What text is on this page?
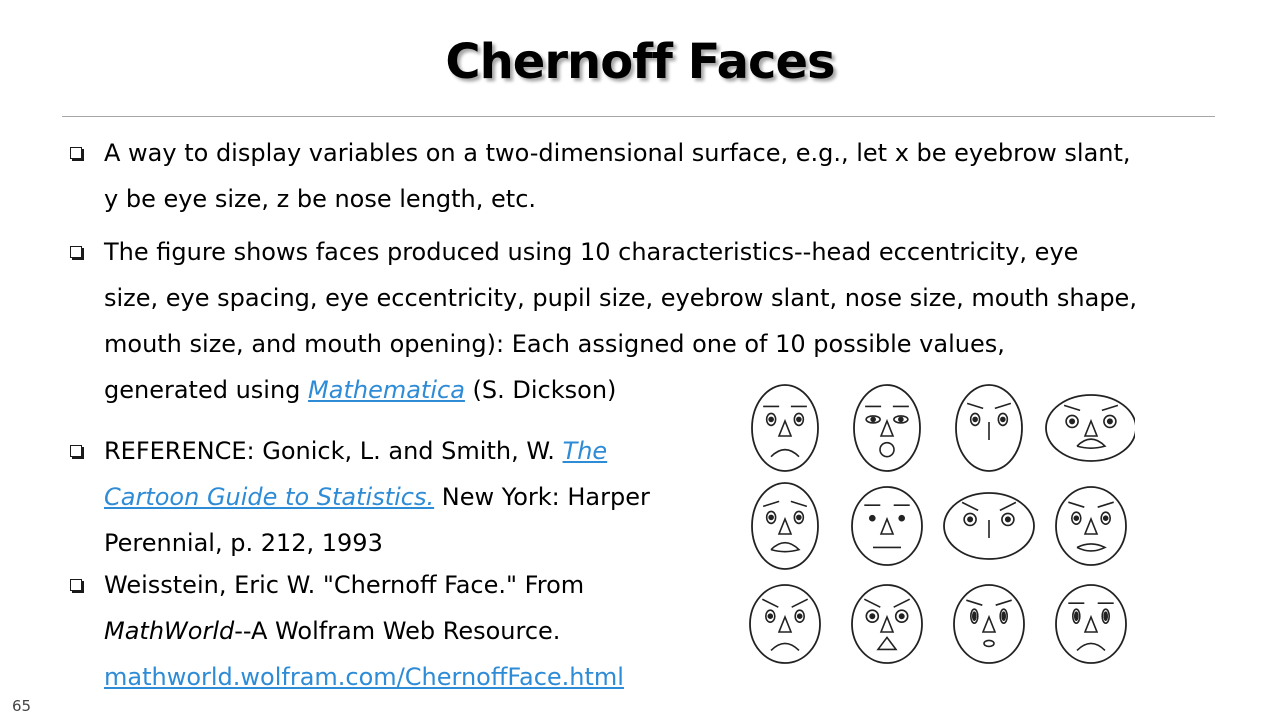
Chernoff Faces
A way to display variables on a two-dimensional surface, e.g., let x be eyebrow slant,
y be eye size, z be nose length, etc.
The figure shows faces produced using 10 characteristics--head eccentricity, eye
size, eye spacing, eye eccentricity, pupil size, eyebrow slant, nose size, mouth shape,
mouth size, and mouth opening): Each assigned one of 10 possible values,
generated using Mathematica (S. Dickson)
REFERENCE: Gonick, L. and Smith, W. The
Cartoon Guide to Statistics. New York: Harper
Perennial, p. 212, 1993
Weisstein, Eric W. "Chernoff Face." From
MathWorld--A Wolfram Web Resource.
mathworld.wolfram.com/ChernoffFace.html
65
